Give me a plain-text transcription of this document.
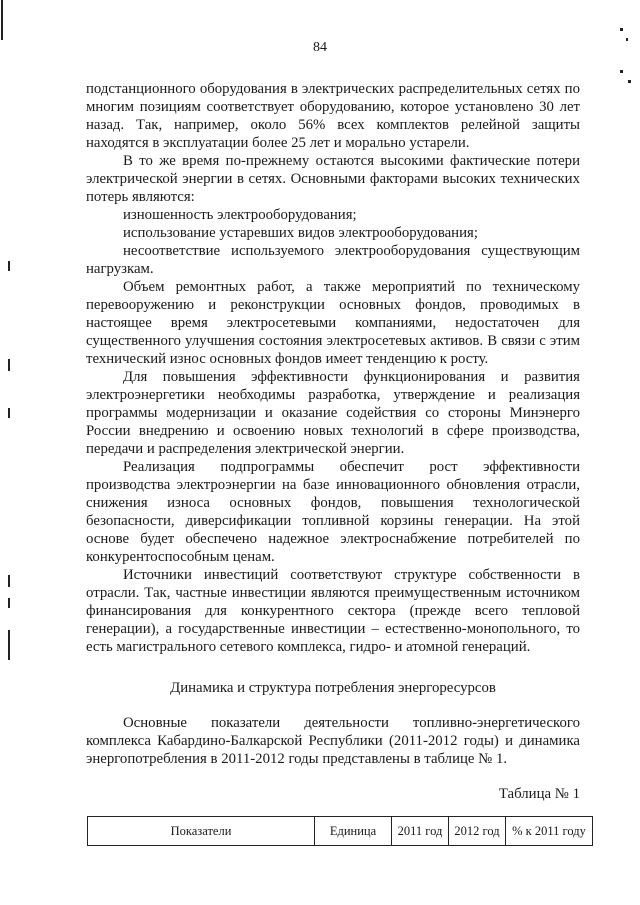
84

подстанционного оборудования в электрических распределительных сетях по многим позициям соответствует оборудованию, которое установлено 30 лет назад. Так, например, около 56% всех комплектов релейной защиты находятся в эксплуатации более 25 лет и морально устарели.

В то же время по-прежнему остаются высокими фактические потери электрической энергии в сетях. Основными факторами высоких технических потерь являются:

изношенность электрооборудования;

использование устаревших видов электрооборудования;

несоответствие используемого электрооборудования существующим нагрузкам.

Объем ремонтных работ, а также мероприятий по техническому перевооружению и реконструкции основных фондов, проводимых в настоящее время электросетевыми компаниями, недостаточен для существенного улучшения состояния электросетевых активов. В связи с этим технический износ основных фондов имеет тенденцию к росту.

Для повышения эффективности функционирования и развития электроэнергетики необходимы разработка, утверждение и реализация программы модернизации и оказание содействия со стороны Минэнерго России внедрению и освоению новых технологий в сфере производства, передачи и распределения электрической энергии.

Реализация подпрограммы обеспечит рост эффективности производства электроэнергии на базе инновационного обновления отрасли, снижения износа основных фондов, повышения технологической безопасности, диверсификации топливной корзины генерации. На этой основе будет обеспечено надежное электроснабжение потребителей по конкурентоспособным ценам.

Источники инвестиций соответствуют структуре собственности в отрасли. Так, частные инвестиции являются преимущественным источником финансирования для конкурентного сектора (прежде всего тепловой генерации), а государственные инвестиции – естественно-монопольного, то есть магистрального сетевого комплекса, гидро- и атомной генераций.

Динамика и структура потребления энергоресурсов

Основные показатели деятельности топливно-энергетического комплекса Кабардино-Балкарской Республики (2011-2012 годы) и динамика энергопотребления в 2011-2012 годы представлены в таблице № 1.

Таблица № 1
Показатели	Единица	2011 год	2012 год	% к 2011 году
